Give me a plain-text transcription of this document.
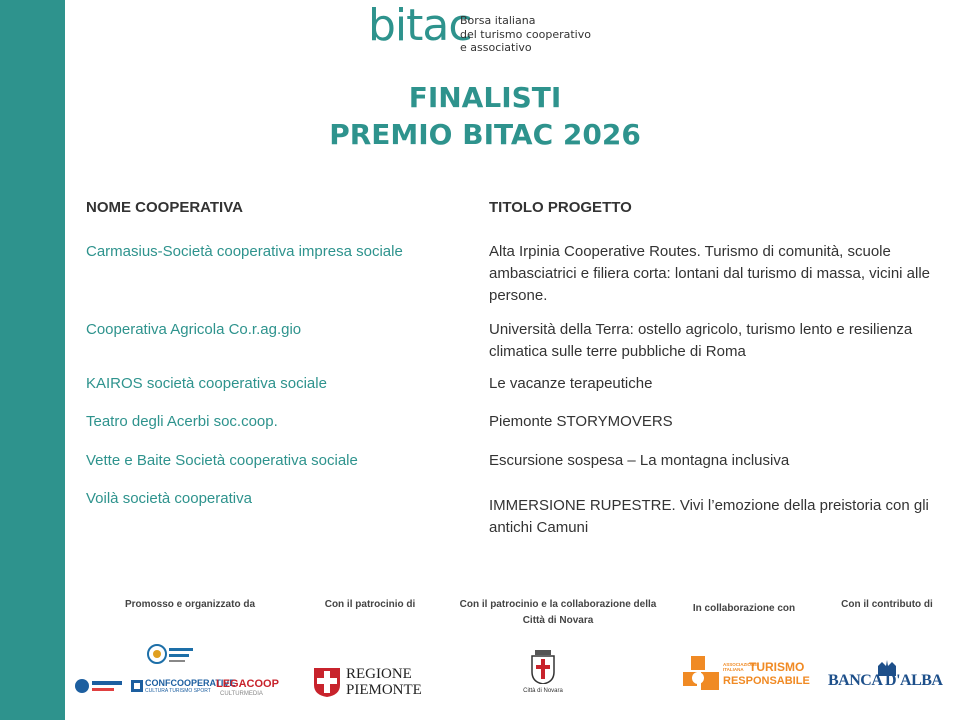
bitac
Borsa italiana
del turismo cooperativo
e associativo
FINALISTI
PREMIO BITAC 2026
NOME COOPERATIVA	TITOLO PROGETTO
Carmasius-Società cooperativa impresa sociale	Alta Irpinia Cooperative Routes. Turismo di comunità, scuole ambasciatrici e filiera corta: lontani dal turismo di massa, vicini alle persone.
Cooperativa Agricola Co.r.ag.gio	Università della Terra: ostello agricolo, turismo lento e resilienza climatica sulle terre pubbliche di Roma
KAIROS società cooperativa sociale	Le vacanze terapeutiche
Teatro degli Acerbi soc.coop.	Piemonte STORYMOVERS
Vette e Baite Società cooperativa sociale	Escursione sospesa – La montagna inclusiva
Voilà società cooperativa	IMMERSIONE RUPESTRE. Vivi l’emozione della preistoria con gli antichi Camuni
Promosso e organizzato da	Con il patrocinio di	Con il patrocinio e la collaborazione della Città di Novara
In collaborazione con	Con il contributo di
CONFCOOPERATIVE
CULTURA TURISMO SPORT
LEGACOOP
CULTURMEDIA
REGIONE
PIEMONTE	Città di Novara
ASSOCIAZIONE
ITALIANA TURISMO
RESPONSABILE BANCA D'ALBA
